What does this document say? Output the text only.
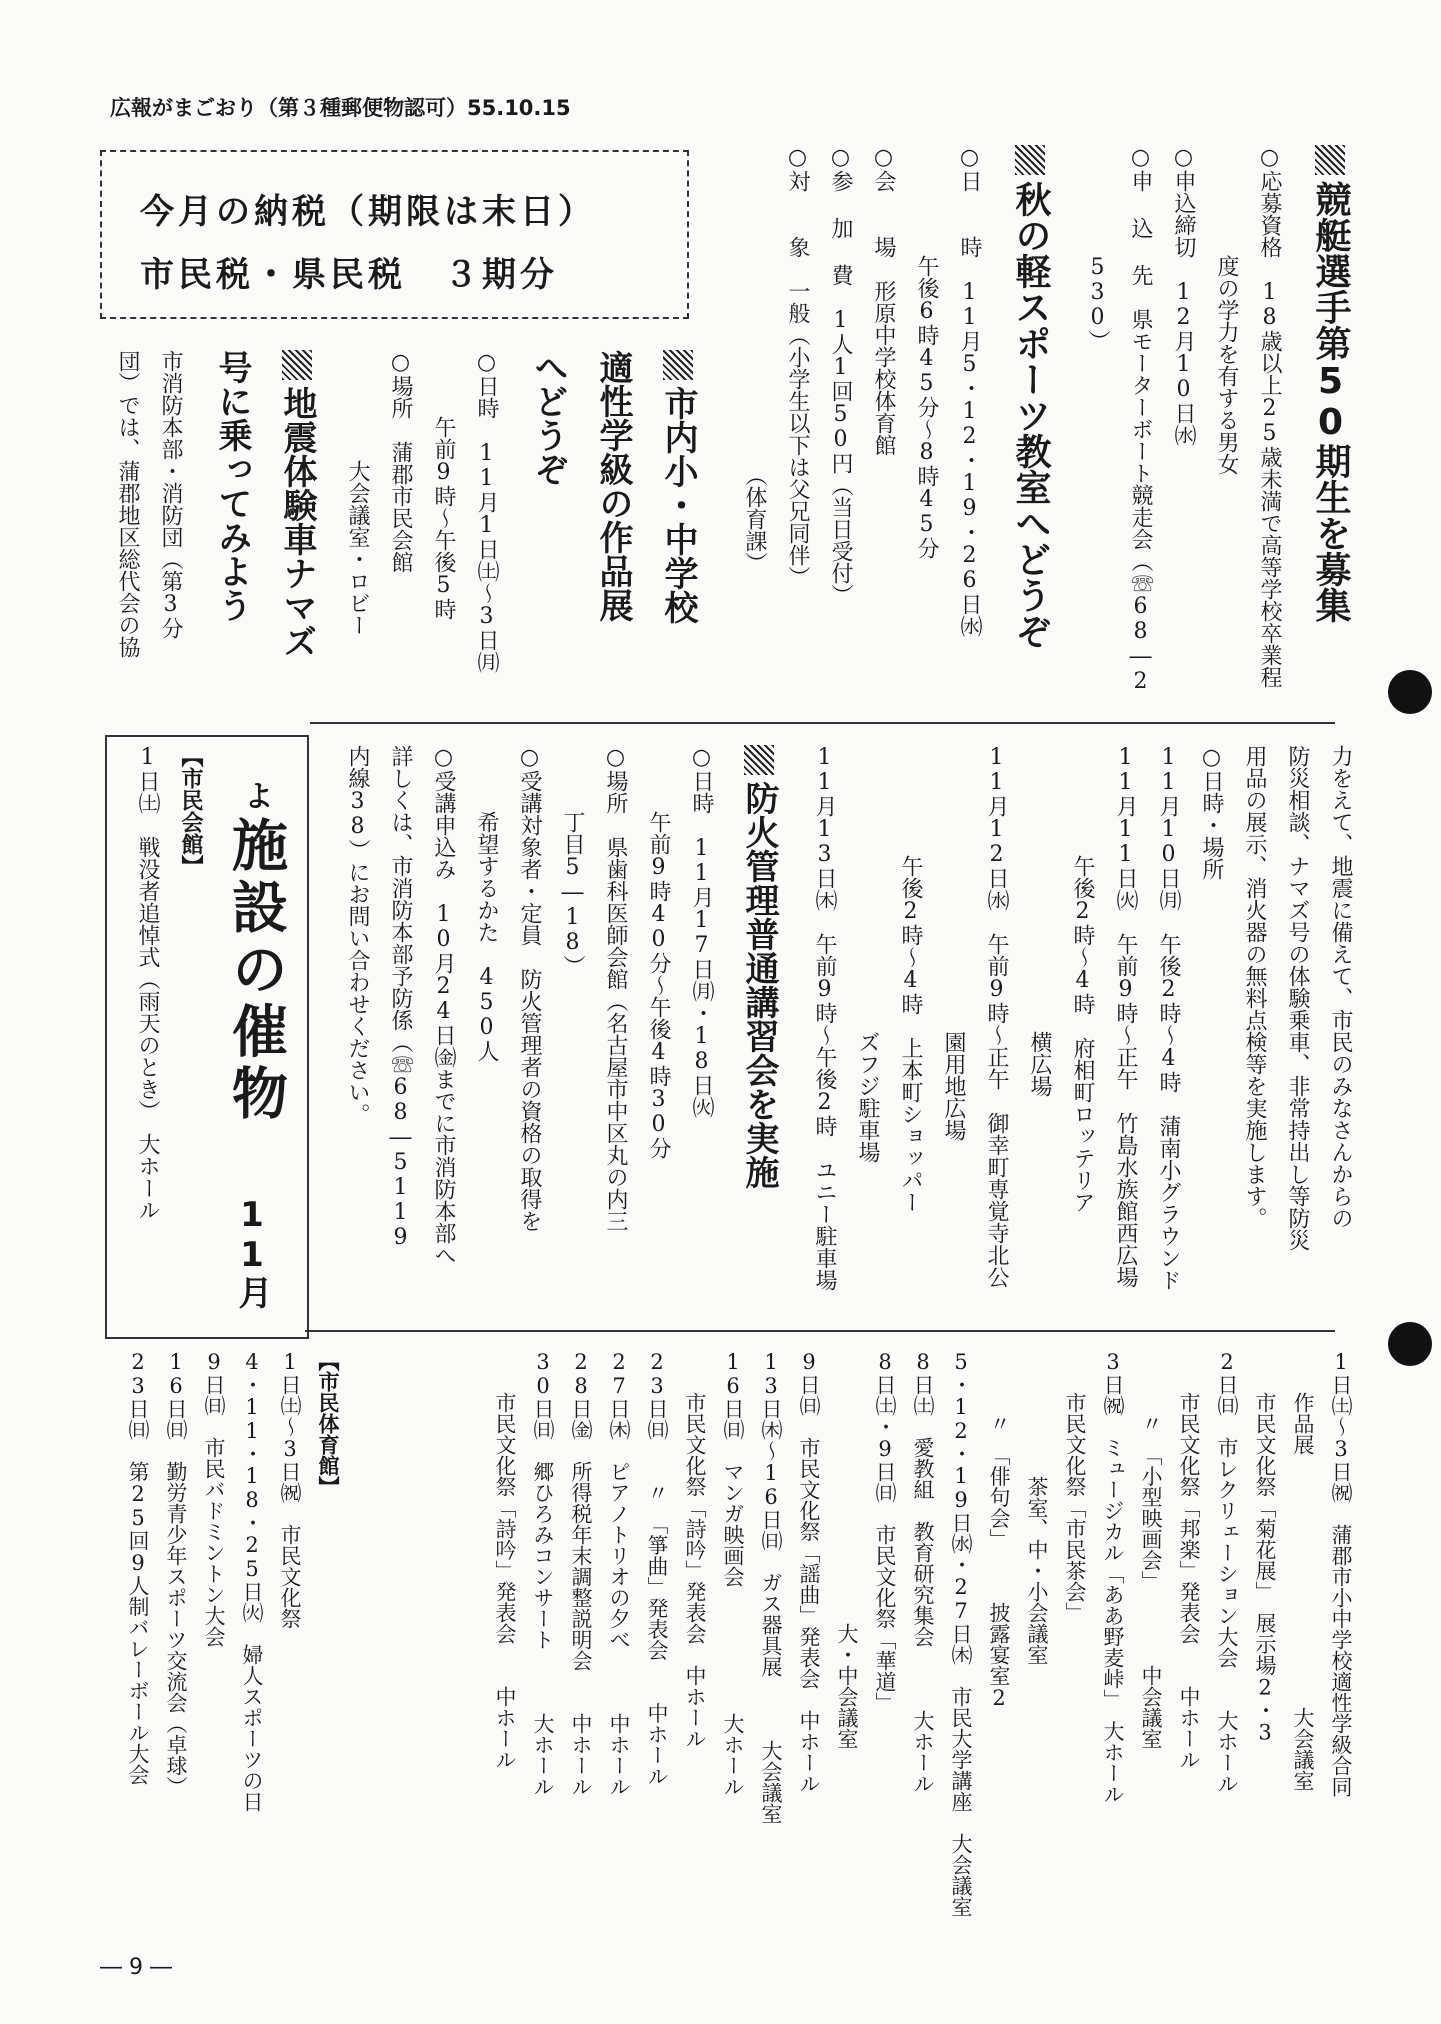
広報がまごおり（第３種郵便物認可）55.10.15
今月の納税（期限は末日）
市民税・県民税　３期分	競艇選手第50期生を募集
○応募資格　18歳以上25歳未満で高等学校卒業程
　　　　　度の学力を有する男女
○申込締切　12月10日㈬
○申 込 先　県モーターボート競走会（☏68―2
　　　　　530）
秋の軽スポーツ教室へどうぞ
○日　　時　11月5・12・19・26日㈬
　　　　　午後6時45分～8時45分
○会　　場　形原中学校体育館
○参 加 費　1人1回50円（当日受付）
○対　　象　一般（小学生以下は父兄同伴）
　　　　　　　　　　　　　　　（体育課）
市内小・中学校
適性学級の作品展
へどうぞ
○日時　11月1日㈯～3日㈪
　　　午前9時～午後5時
○場所　蒲郡市民会館
　　　　　大会議室・ロビー
地震体験車ナマズ
号に乗ってみよう
市消防本部・消防団（第3分
団）では、蒲郡地区総代会の協
力をえて、地震に備えて、市民のみなさんからの
防災相談、ナマズ号の体験乗車、非常持出し等防災
用品の展示、消火器の無料点検等を実施します。
○日時・場所
11月10日㈪　午後2時～4時　蒲南小グラウンド
11月11日㈫　午前9時～正午　竹島水族館西広場
　　　　　午後2時～4時　府相町ロッテリア
　　　　　　　　　　　　　横広場
11月12日㈬　午前9時～正午　御幸町専覚寺北公
　　　　　　　　　　　　　園用地広場
　　　　　午後2時～4時　上本町ショッパー
　　　　　　　　　　　　　ズフジ駐車場
11月13日㈭　午前9時～午後2時　ユニー駐車場
防火管理普通講習会を実施
○日時　11月17日㈪・18日㈫
　　　午前9時40分～午後4時30分
○場所　県歯科医師会館（名古屋市中区丸の内三
　　　丁目5―18）
○受講対象者・定員　防火管理者の資格の取得を
　　　希望するかた　450人
○受講申込み　10月24日㈮までに市消防本部へ
詳しくは、市消防本部予防係（☏68―5119
内線38）にお問い合わせください。
よ施設の催物
11月
【市民会館】
1日㈯　戦没者追悼式（雨天のとき）　大ホール
1日㈯～3日㈷　蒲郡市小中学校適性学級合同
　　作品展　　　　　　　　　　　　大会議室
　　市民文化祭「菊花展」　展示場2・3
2日㈰　市レクリェーション大会　　大ホール
　　市民文化祭「邦楽」発表会　　中ホール
　　　〃　「小型映画会」　　　　中会議室
3日㈷　ミュージカル「ああ野麦峠」　大ホール
　　市民文化祭「市民茶会」
　　　　　　茶室、中・小会議室
　　　〃　「俳句会」　　　披露宴室2
5・12・19日㈬・27日㈭　市民大学講座　大会議室
8日㈯　愛教組　教育研究集会　　　大ホール
8日㈯・9日㈰　市民文化祭「華道」
　　　　　　　　　　　　　大・中会議室
9日㈰　市民文化祭「謡曲」発表会　中ホール
13日㈭～16日㈰　ガス器具展　　　大会議室
16日㈰　マンガ映画会　　　　　　大ホール
　　市民文化祭「詩吟」発表会　中ホール
23日㈰　　〃　「箏曲」発表会　　中ホール
27日㈭　ピアノトリオの夕べ　　　中ホール
28日㈮　所得税年末調整説明会　　中ホール
30日㈰　郷ひろみコンサート　　　大ホール
　　市民文化祭「詩吟」発表会　　中ホール
【市民体育館】
1日㈯～3日㈷　市民文化祭
4・11・18・25日㈫　婦人スポーツの日
9日㈰　市民バドミントン大会
16日㈰　勤労青少年スポーツ交流会（卓球）
23日㈰　第25回9人制バレーボール大会
― 9 ―
